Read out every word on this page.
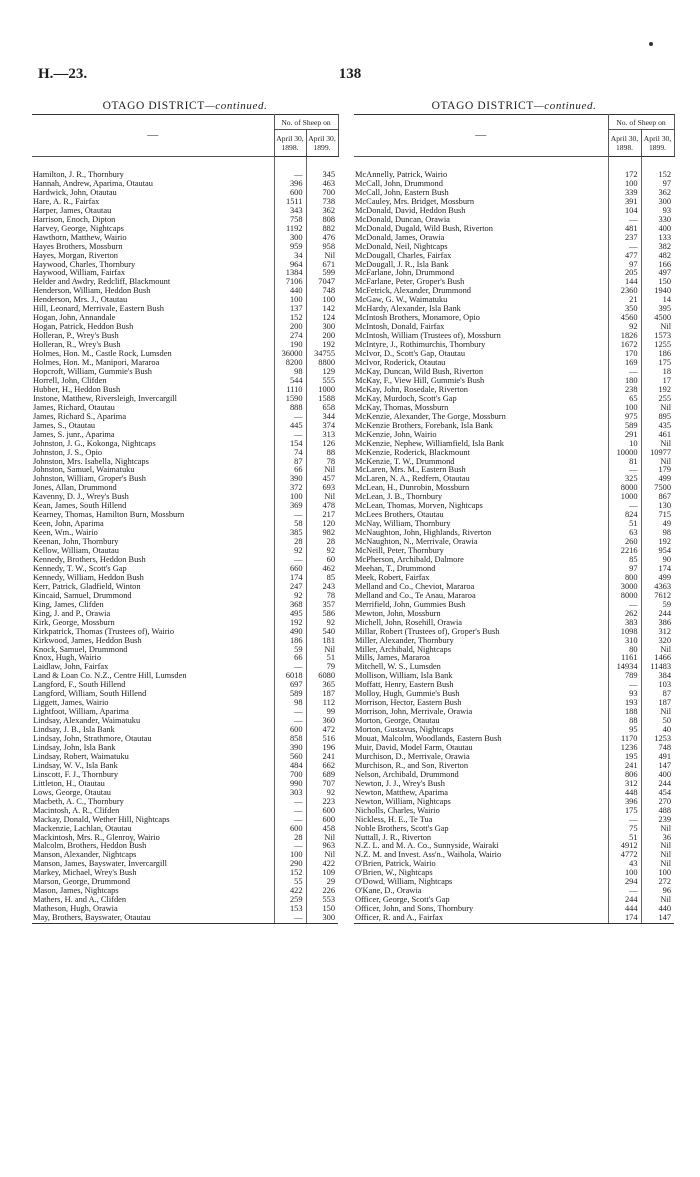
H.—23.	138
OTAGO DISTRICT—continued.
—	No. of Sheep on	
	April 30, 1898.	April 30, 1899.
Hamilton, J. R., Thornbury	—	345
Hannah, Andrew, Aparima, Otautau	396	463
Hardwick, John, Otautau	600	700
Hare, A. R., Fairfax	1511	738
Harper, James, Otautau	343	362
Harrison, Enoch, Dipton	758	808
Harvey, George, Nightcaps	1192	882
Hawthorn, Matthew, Wairio	300	476
Hayes Brothers, Mossburn	959	958
Hayes, Morgan, Riverton	34	Nil
Haywood, Charles, Thornbury	964	671
Haywood, William, Fairfax	1384	599
Helder and Awdry, Redcliff, Blackmount	7106	7047
Henderson, William, Heddon Bush	440	748
Henderson, Mrs. J., Otautau	100	100
Hill, Leonard, Merrivale, Eastern Bush	137	142
Hogan, John, Annandale	152	124
Hogan, Patrick, Heddon Bush	200	300
Holleran, P., Wrey's Bush	274	200
Holleran, R., Wrey's Bush	190	192
Holmes, Hon. M., Castle Rock, Lumsden	36000	34755
Holmes, Hon. M., Manipori, Mararoa	8200	8800
Hopcroft, William, Gummie's Bush	98	129
Horrell, John, Clifden	544	555
Hubber, H., Heddon Bush	1110	1000
Instone, Matthew, Riversleigh, Invercargill	1590	1588
James, Richard, Otautau	888	658
James, Richard S., Aparima	—	344
James, S., Otautau	445	374
James, S. junr., Aparima	—	313
Johnston, J. G., Kokonga, Nightcaps	154	126
Johnston, J. S., Opio	74	88
Johnston, Mrs. Isabella, Nightcaps	87	78
Johnston, Samuel, Waimatuku	66	Nil
Johnston, William, Groper's Bush	390	457
Jones, Allan, Drummond	372	693
Kavenny, D. J., Wrey's Bush	100	Nil
Kean, James, South Hillend	369	478
Kearney, Thomas, Hamilton Burn, Mossburn	—	217
Keen, John, Aparima	58	120
Keen, Wm., Wairio	385	982
Keenan, John, Thornbury	28	28
Kellow, William, Otautau	92	92
Kennedy, Brothers, Heddon Bush	—	60
Kennedy, T. W., Scott's Gap	660	462
Kennedy, William, Heddon Bush	174	85
Kerr, Patrick, Gladfield, Winton	247	243
Kincaid, Samuel, Drummond	92	78
King, James, Clifden	368	357
King, J. and P., Orawia	495	586
Kirk, George, Mossburn	192	92
Kirkpatrick, Thomas (Trustees of), Wairio	490	540
Kirkwood, James, Heddon Bush	186	181
Knock, Samuel, Drummond	59	Nil
Knox, Hugh, Wairio	66	51
Laidlaw, John, Fairfax	—	79
Land & Loan Co. N.Z., Centre Hill, Lumsden	6018	6080
Langford, F., South Hillend	697	365
Langford, William, South Hillend	589	187
Liggett, James, Wairio	98	112
Lightfoot, William, Aparima	—	99
Lindsay, Alexander, Waimatuku	—	360
Lindsay, J. B., Isla Bank	600	472
Lindsay, John, Strathmore, Otautau	858	516
Lindsay, John, Isla Bank	390	196
Lindsay, Robert, Waimatuku	560	241
Lindsay, W. V., Isla Bank	484	662
Linscott, F. J., Thornbury	700	689
Littleton, H., Otautau	990	707
Lows, George, Otautau	303	92
Macbeth, A. C., Thornbury	—	223
Macintosh, A. R., Clifden	—	600
Mackay, Donald, Wether Hill, Nightcaps	—	600
Mackenzie, Lachlan, Otautau	600	458
Mackintosh, Mrs. R., Glenroy, Wairio	28	Nil
Malcolm, Brothers, Heddon Bush	—	963
Manson, Alexander, Nightcaps	100	Nil
Manson, James, Bayswater, Invercargill	290	422
Markey, Michael, Wrey's Bush	152	109
Marson, George, Drummond	55	29
Mason, James, Nightcaps	422	226
Mathers, H. and A., Clifden	259	553
Matheson, Hugh, Orawia	153	150
May, Brothers, Bayswater, Otautau	—	300
OTAGO DISTRICT—continued.
—	No. of Sheep on	
	April 30, 1898.	April 30, 1899.
McAnnelly, Patrick, Wairio	172	152
McCall, John, Drummond	100	97
McCall, John, Eastern Bush	339	362
McCauley, Mrs. Bridget, Mossburn	391	300
McDonald, David, Heddon Bush	104	93
McDonald, Duncan, Orawia	—	330
McDonald, Dugald, Wild Bush, Riverton	481	400
McDonald, James, Orawia	237	133
McDonald, Neil, Nightcaps	—	382
McDougall, Charles, Fairfax	477	482
McDougall, J. R., Isla Bank	97	166
McFarlane, John, Drummond	205	497
McFarlane, Peter, Groper's Bush	144	150
McFetrick, Alexander, Drummond	2360	1940
McGaw, G. W., Waimatuku	21	14
McHardy, Alexander, Isla Bank	350	395
McIntosh Brothers, Monamore, Opio	4560	4500
McIntosh, Donald, Fairfax	92	Nil
McIntosh, William (Trustees of), Mossburn	1826	1573
McIntyre, J., Rothimurchis, Thornbury	1672	1255
McIvor, D., Scott's Gap, Otautau	170	186
McIvor, Roderick, Otautau	169	175
McKay, Duncan, Wild Bush, Riverton	—	18
McKay, F., View Hill, Gummie's Bush	180	17
McKay, John, Rosedale, Riverton	238	192
McKay, Murdoch, Scott's Gap	65	255
McKay, Thomas, Mossburn	100	Nil
McKenzie, Alexander, The Gorge, Mossburn	975	895
McKenzie Brothers, Forebank, Isla Bank	589	435
McKenzie, John, Wairio	291	461
McKenzie, Nephew, Williamfield, Isla Bank	10	Nil
McKenzie, Roderick, Blackmount	10000	10977
McKenzie, T. W., Drummond	81	Nil
McLaren, Mrs. M., Eastern Bush	—	179
McLaren, N. A., Redfern, Otautau	325	499
McLean, H., Dunrobin, Mossburn	8000	7500
McLean, J. B., Thornbury	1000	867
McLean, Thomas, Morven, Nightcaps	—	130
McLees Brothers, Otautau	824	715
McNay, William, Thornbury	51	49
McNaughton, John, Highlands, Riverton	63	98
McNaughton, N., Merrivale, Orawia	260	192
McNeill, Peter, Thornbury	2216	954
McPherson, Archibald, Dalmore	85	90
Meehan, T., Drummond	97	174
Meek, Robert, Fairfax	800	499
Melland and Co., Cheviot, Mararoa	3000	4363
Melland and Co., Te Anau, Mararoa	8000	7612
Merrifield, John, Gummies Bush	—	59
Mewton, John, Mossburn	262	244
Michell, John, Rosehill, Orawia	383	386
Millar, Robert (Trustees of), Groper's Bush	1098	312
Miller, Alexander, Thornbury	310	320
Miller, Archibald, Nightcaps	80	Nil
Mills, James, Mararoa	1161	1466
Mitchell, W. S., Lumsden	14934	11483
Mollison, William, Isla Bank	789	384
Moffatt, Henry, Eastern Bush	—	103
Molloy, Hugh, Gummie's Bush	93	87
Morrison, Hector, Eastern Bush	193	187
Morrison, John, Merrivale, Orawia	188	Nil
Morton, George, Otautau	88	50
Morton, Gustavus, Nightcaps	95	40
Mouat, Malcolm, Woodlands, Eastern Bush	1170	1253
Muir, David, Model Farm, Otautau	1236	748
Murchison, D., Merrivale, Orawia	195	491
Murchison, R., and Son, Riverton	241	147
Nelson, Archibald, Drummond	806	400
Newton, J. J., Wrey's Bush	312	244
Newton, Matthew, Aparima	448	454
Newton, William, Nightcaps	396	270
Nicholls, Charles, Wairio	175	488
Nickless, H. E., Te Tua	—	239
Noble Brothers, Scott's Gap	75	Nil
Nuttall, J. R., Riverton	51	36
N.Z. L. and M. A. Co., Sunnyside, Wairaki	4912	Nil
N.Z. M. and Invest. Ass'n., Waihola, Wairio	4772	Nil
O'Brien, Patrick, Wairio	43	Nil
O'Brien, W., Nightcaps	100	100
O'Dowd, William, Nightcaps	294	272
O'Kane, D., Orawia	—	96
Officer, George, Scott's Gap	244	Nil
Officer, John, and Sons, Thornbury	444	440
Officer, R. and A., Fairfax	174	147
